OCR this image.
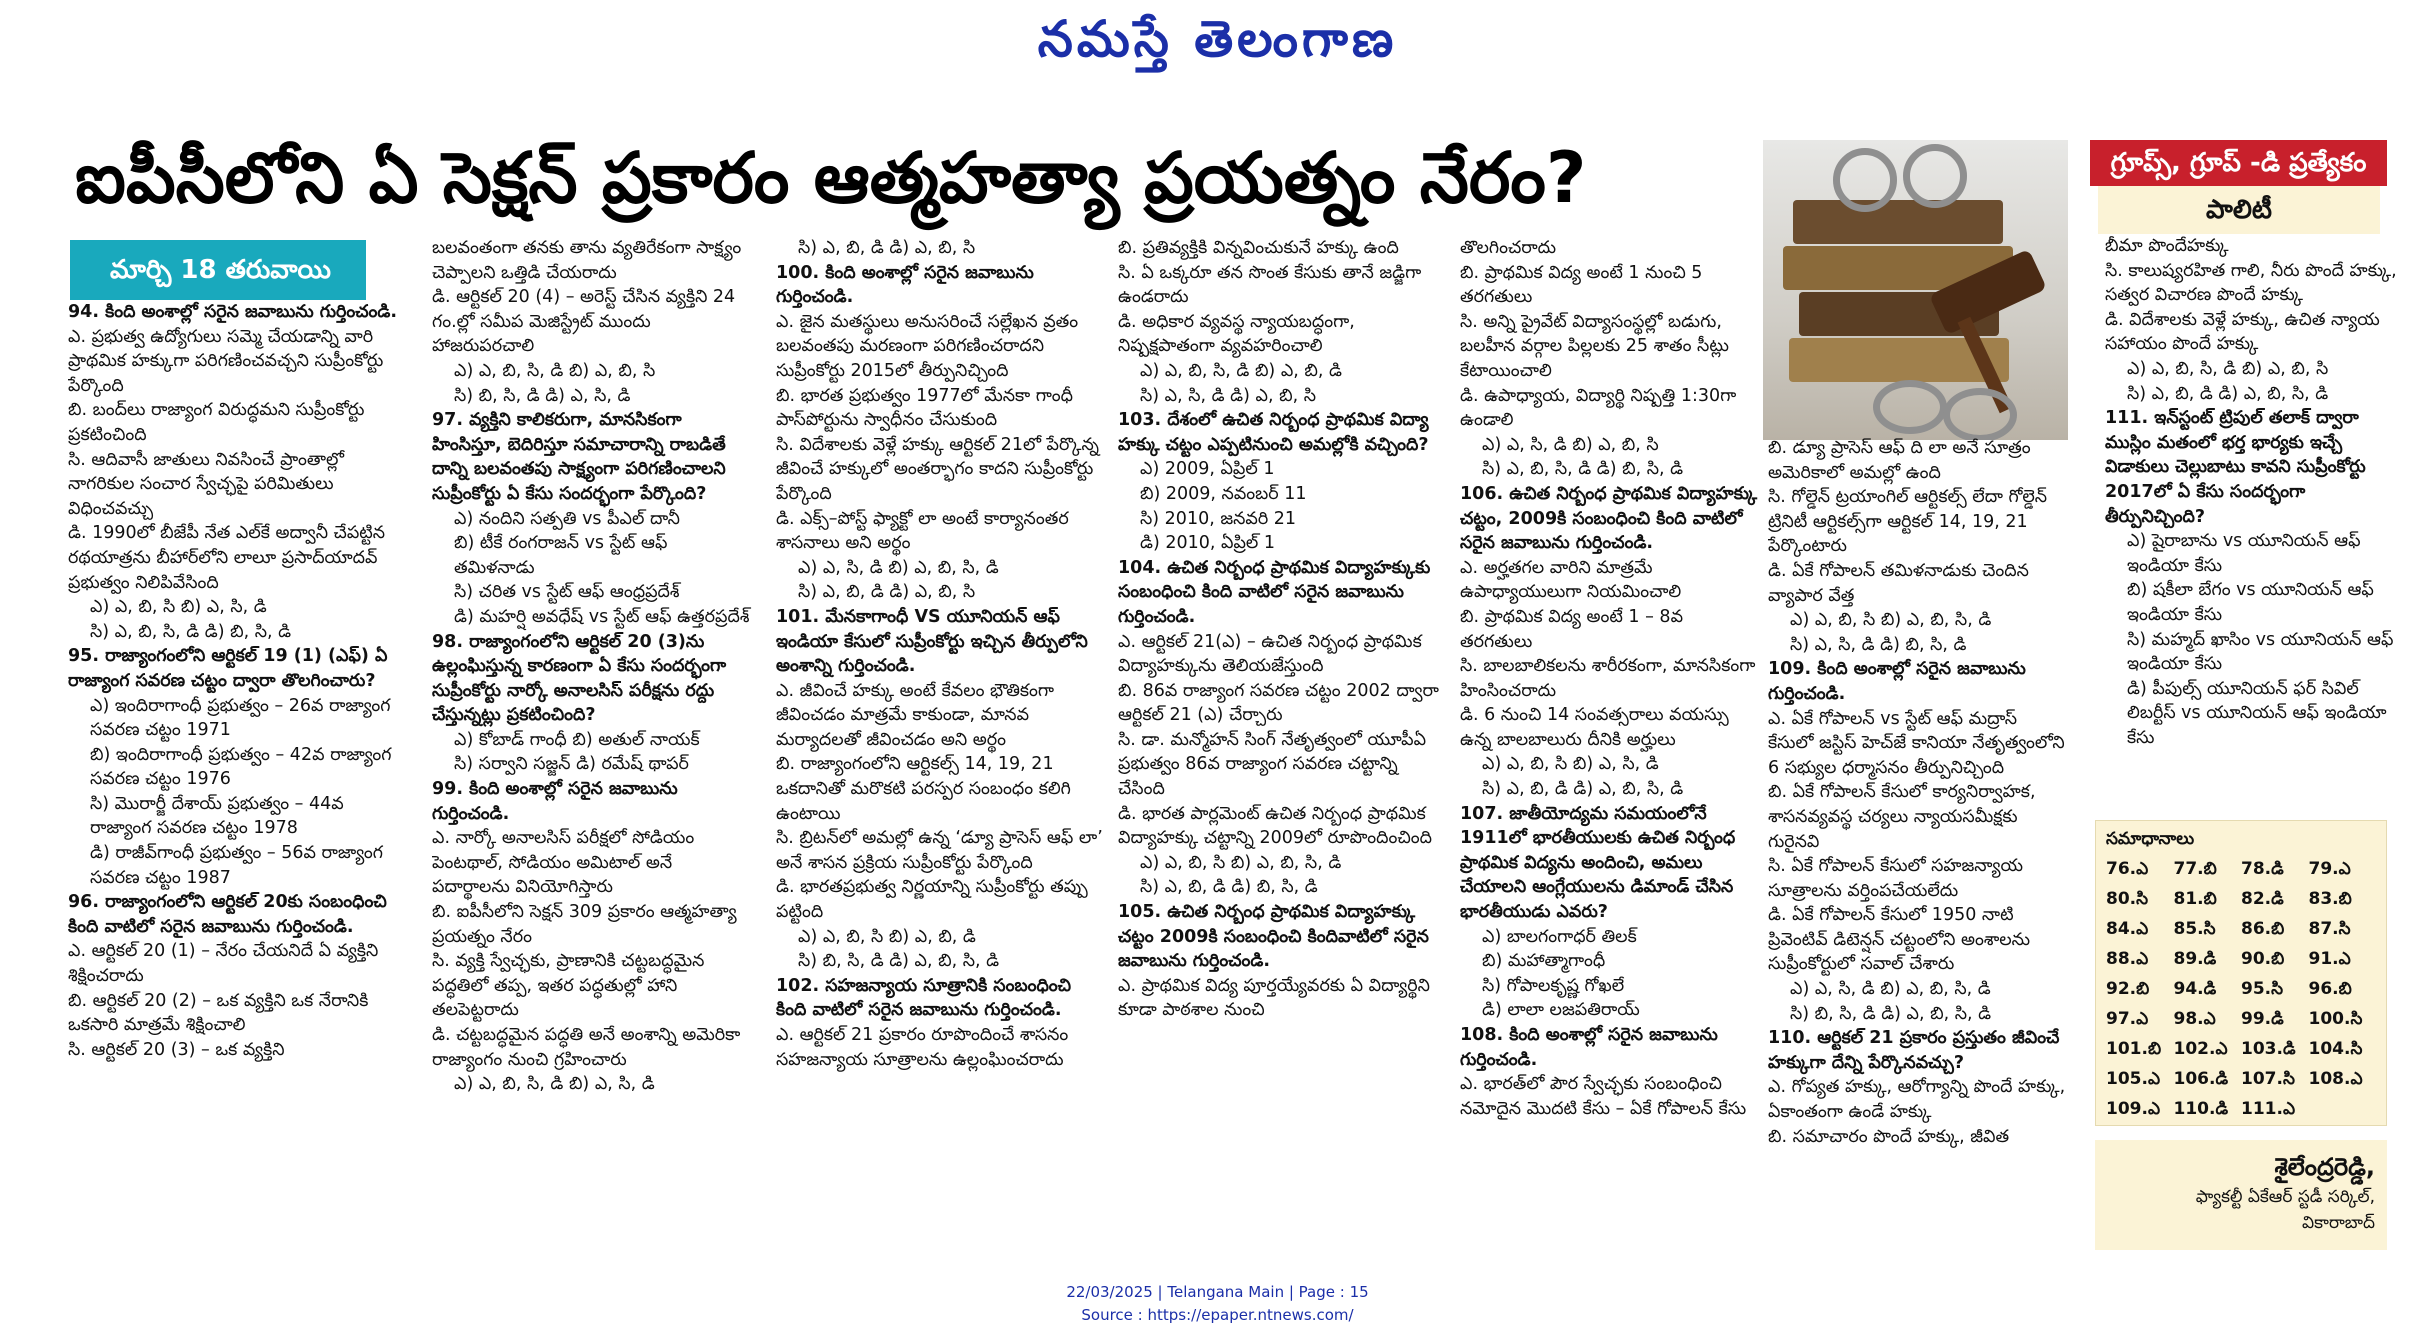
నమస్తే తెలంగాణ
ఐపీసీలోని ఏ సెక్షన్ ప్రకారం ఆత్మహత్యా ప్రయత్నం నేరం?
మార్చి 18 తరువాయి

94. కింది అంశాల్లో సరైన జవాబును గుర్తించండి.

ఎ. ప్రభుత్వ ఉద్యోగులు సమ్మె చేయడాన్ని వారి ప్రాథమిక హక్కుగా పరిగణించవచ్చని సుప్రీంకోర్టు పేర్కొంది

బి. బంద్‌లు రాజ్యాంగ విరుద్ధమని సుప్రీంకోర్టు ప్రకటించింది

సి. ఆదివాసీ జాతులు నివసించే ప్రాంతాల్లో నాగరికుల సంచార స్వేచ్ఛపై పరిమితులు విధించవచ్చు

డి. 1990లో బీజేపీ నేత ఎల్‌కే అద్వానీ చేపట్టిన రథయాత్రను బీహార్‌లోని లాలూ ప్రసాద్‌యాదవ్ ప్రభుత్వం నిలిపివేసింది

ఎ) ఎ, బి, సి బి) ఎ, సి, డి

సి) ఎ, బి, సి, డి డి) బి, సి, డి

95. రాజ్యాంగంలోని ఆర్టికల్ 19 (1) (ఎఫ్) ఏ రాజ్యాంగ సవరణ చట్టం ద్వారా తొలగించారు?

ఎ) ఇందిరాగాంధీ ప్రభుత్వం – 26వ రాజ్యాంగ సవరణ చట్టం 1971

బి) ఇందిరాగాంధీ ప్రభుత్వం – 42వ రాజ్యాంగ సవరణ చట్టం 1976

సి) మొరార్జీ దేశాయ్ ప్రభుత్వం – 44వ రాజ్యాంగ సవరణ చట్టం 1978

డి) రాజీవ్‌గాంధీ ప్రభుత్వం – 56వ రాజ్యాంగ సవరణ చట్టం 1987

96. రాజ్యాంగంలోని ఆర్టికల్ 20కు సంబంధించి కింది వాటిలో సరైన జవాబును గుర్తించండి.

ఎ. ఆర్టికల్ 20 (1) – నేరం చేయనిదే ఏ వ్యక్తిని శిక్షించరాదు

బి. ఆర్టికల్ 20 (2) – ఒక వ్యక్తిని ఒక నేరానికి ఒకసారి మాత్రమే శిక్షించాలి

సి. ఆర్టికల్ 20 (3) – ఒక వ్యక్తిని

బలవంతంగా తనకు తాను వ్యతిరేకంగా సాక్ష్యం చెప్పాలని ఒత్తిడి చేయరాదు

డి. ఆర్టికల్ 20 (4) – అరెస్ట్ చేసిన వ్యక్తిని 24 గం.ల్లో సమీప మెజిస్ట్రేట్ ముందు హాజరుపరచాలి

ఎ) ఎ, బి, సి, డి బి) ఎ, బి, సి

సి) బి, సి, డి డి) ఎ, సి, డి

97. వ్యక్తిని కాలికరుగా, మానసికంగా హింసిస్తూ, బెదిరిస్తూ సమాచారాన్ని రాబడితే దాన్ని బలవంతపు సాక్ష్యంగా పరిగణించాలని సుప్రీంకోర్టు ఏ కేసు సందర్భంగా పేర్కొంది?

ఎ) నందిని సత్పతి vs పీఎల్ దానీ

బి) టీకే రంగరాజన్ vs స్టేట్ ఆఫ్ తమిళనాడు

సి) చరిత vs స్టేట్ ఆఫ్ ఆంధ్రప్రదేశ్

డి) మహర్షి అవధేష్ vs స్టేట్ ఆఫ్ ఉత్తరప్రదేశ్

98. రాజ్యాంగంలోని ఆర్టికల్ 20 (3)ను ఉల్లంఘిస్తున్న కారణంగా ఏ కేసు సందర్భంగా సుప్రీంకోర్టు నార్కో అనాలసిస్ పరీక్షను రద్దు చేస్తున్నట్లు ప్రకటించింది?

ఎ) కోబాడ్ గాంధీ బి) అతుల్ నాయక్

సి) సర్వాని సజ్జన్ డి) రమేష్ థాపర్

99. కింది అంశాల్లో సరైన జవాబును గుర్తించండి.

ఎ. నార్కో అనాలసిస్ పరీక్షలో సోడియం పెంటథాల్, సోడియం అమిటాల్ అనే పదార్థాలను వినియోగిస్తారు

బి. ఐపీసీలోని సెక్షన్ 309 ప్రకారం ఆత్మహత్యా ప్రయత్నం నేరం

సి. వ్యక్తి స్వేచ్ఛకు, ప్రాణానికి చట్టబద్ధమైన పద్ధతిలో తప్ప, ఇతర పద్ధతుల్లో హాని తలపెట్టరాదు

డి. చట్టబద్ధమైన పద్ధతి అనే అంశాన్ని అమెరికా రాజ్యాంగం నుంచి గ్రహించారు

ఎ) ఎ, బి, సి, డి బి) ఎ, సి, డి

సి) ఎ, బి, డి డి) ఎ, బి, సి

100. కింది అంశాల్లో సరైన జవాబును గుర్తించండి.

ఎ. జైన మతస్థులు అనుసరించే సల్లేఖన వ్రతం బలవంతపు మరణంగా పరిగణించరాదని సుప్రీంకోర్టు 2015లో తీర్పునిచ్చింది

బి. భారత ప్రభుత్వం 1977లో మేనకా గాంధీ పాస్‌పోర్టును స్వాధీనం చేసుకుంది

సి. విదేశాలకు వెళ్లే హక్కు ఆర్టికల్ 21లో పేర్కొన్న జీవించే హక్కులో అంతర్భాగం కాదని సుప్రీంకోర్టు పేర్కొంది

డి. ఎక్స్–పోస్ట్ ఫ్యాక్టో లా అంటే కార్యానంతర శాసనాలు అని అర్థం

ఎ) ఎ, సి, డి బి) ఎ, బి, సి, డి

సి) ఎ, బి, డి డి) ఎ, బి, సి

101. మేనకాగాంధీ VS యూనియన్ ఆఫ్ ఇండియా కేసులో సుప్రీంకోర్టు ఇచ్చిన తీర్పులోని అంశాన్ని గుర్తించండి.

ఎ. జీవించే హక్కు అంటే కేవలం భౌతికంగా జీవించడం మాత్రమే కాకుండా, మానవ మర్యాదలతో జీవించడం అని అర్థం

బి. రాజ్యాంగంలోని ఆర్టికల్స్ 14, 19, 21 ఒకదానితో మరొకటి పరస్పర సంబంధం కలిగి ఉంటాయి

సి. బ్రిటన్‌లో అమల్లో ఉన్న ‘డ్యూ ప్రాసెస్ ఆఫ్ లా’ అనే శాసన ప్రక్రియ సుప్రీంకోర్టు పేర్కొంది

డి. భారతప్రభుత్వ నిర్ణయాన్ని సుప్రీంకోర్టు తప్పు పట్టింది

ఎ) ఎ, బి, సి బి) ఎ, బి, డి

సి) బి, సి, డి డి) ఎ, బి, సి, డి

102. సహజన్యాయ సూత్రానికి సంబంధించి కింది వాటిలో సరైన జవాబును గుర్తించండి.

ఎ. ఆర్టికల్ 21 ప్రకారం రూపొందించే శాసనం సహజన్యాయ సూత్రాలను ఉల్లంఘించరాదు

బి. ప్రతివ్యక్తికి విన్నవించుకునే హక్కు ఉంది

సి. ఏ ఒక్కరూ తన సొంత కేసుకు తానే జడ్జిగా ఉండరాదు

డి. అధికార వ్యవస్థ న్యాయబద్ధంగా, నిష్పక్షపాతంగా వ్యవహరించాలి

ఎ) ఎ, బి, సి, డి బి) ఎ, బి, డి

సి) ఎ, సి, డి డి) ఎ, బి, సి

103. దేశంలో ఉచిత నిర్బంధ ప్రాథమిక విద్యా హక్కు చట్టం ఎప్పటినుంచి అమల్లోకి వచ్చింది?

ఎ) 2009, ఏప్రిల్ 1

బి) 2009, నవంబర్ 11

సి) 2010, జనవరి 21

డి) 2010, ఏప్రిల్ 1

104. ఉచిత నిర్బంధ ప్రాథమిక విద్యాహక్కుకు సంబంధించి కింది వాటిలో సరైన జవాబును గుర్తించండి.

ఎ. ఆర్టికల్ 21(ఎ) – ఉచిత నిర్బంధ ప్రాథమిక విద్యాహక్కును తెలియజేస్తుంది

బి. 86వ రాజ్యాంగ సవరణ చట్టం 2002 ద్వారా ఆర్టికల్ 21 (ఎ) చేర్చారు

సి. డా. మన్మోహన్ సింగ్ నేతృత్వంలో యూపీఏ ప్రభుత్వం 86వ రాజ్యాంగ సవరణ చట్టాన్ని చేసింది

డి. భారత పార్లమెంట్ ఉచిత నిర్బంధ ప్రాథమిక విద్యాహక్కు చట్టాన్ని 2009లో రూపొందించింది

ఎ) ఎ, బి, సి బి) ఎ, బి, సి, డి

సి) ఎ, బి, డి డి) బి, సి, డి

105. ఉచిత నిర్బంధ ప్రాథమిక విద్యాహక్కు చట్టం 2009కి సంబంధించి కిందివాటిలో సరైన జవాబును గుర్తించండి.

ఎ. ప్రాథమిక విద్య పూర్తయ్యేవరకు ఏ విద్యార్థిని కూడా పాఠశాల నుంచి

తొలగించరాదు

బి. ప్రాథమిక విద్య అంటే 1 నుంచి 5 తరగతులు

సి. అన్ని ప్రైవేట్ విద్యాసంస్థల్లో బడుగు, బలహీన వర్గాల పిల్లలకు 25 శాతం సీట్లు కేటాయించాలి

డి. ఉపాధ్యాయ, విద్యార్థి నిష్పత్తి 1:30గా ఉండాలి

ఎ) ఎ, సి, డి బి) ఎ, బి, సి

సి) ఎ, బి, సి, డి డి) బి, సి, డి

106. ఉచిత నిర్బంధ ప్రాథమిక విద్యాహక్కు చట్టం, 2009కి సంబంధించి కింది వాటిలో సరైన జవాబును గుర్తించండి.

ఎ. అర్హతగల వారిని మాత్రమే ఉపాధ్యాయులుగా నియమించాలి

బి. ప్రాథమిక విద్య అంటే 1 – 8వ తరగతులు

సి. బాలబాలికలను శారీరకంగా, మానసికంగా హింసించరాదు

డి. 6 నుంచి 14 సంవత్సరాలు వయస్సు ఉన్న బాలబాలురు దీనికి అర్హులు

ఎ) ఎ, బి, సి బి) ఎ, సి, డి

సి) ఎ, బి, డి డి) ఎ, బి, సి, డి

107. జాతీయోద్యమ సమయంలోనే 1911లో భారతీయులకు ఉచిత నిర్బంధ ప్రాథమిక విద్యను అందించి, అమలు చేయాలని ఆంగ్లేయులను డిమాండ్ చేసిన భారతీయుడు ఎవరు?

ఎ) బాలగంగాధర్ తిలక్

బి) మహాత్మాగాంధీ

సి) గోపాలకృష్ణ గోఖలే

డి) లాలా లజపతిరాయ్

108. కింది అంశాల్లో సరైన జవాబును గుర్తించండి.

ఎ. భారత్‌లో పౌర స్వేచ్ఛకు సంబంధించి నమోదైన మొదటి కేసు – ఏకే గోపాలన్ కేసు

బి. డ్యూ ప్రాసెస్ ఆఫ్ ది లా అనే సూత్రం అమెరికాలో అమల్లో ఉంది

సి. గోల్డెన్ ట్రయాంగిల్ ఆర్టికల్స్ లేదా గోల్డెన్ ట్రినిటీ ఆర్టికల్స్‌గా ఆర్టికల్ 14, 19, 21 పేర్కొంటారు

డి. ఏకే గోపాలన్ తమిళనాడుకు చెందిన వ్యాపార వేత్త

ఎ) ఎ, బి, సి బి) ఎ, బి, సి, డి

సి) ఎ, సి, డి డి) బి, సి, డి

109. కింది అంశాల్లో సరైన జవాబును గుర్తించండి.

ఎ. ఏకే గోపాలన్ vs స్టేట్ ఆఫ్ మద్రాస్ కేసులో జస్టిస్ హెచ్‌జే కానియా నేతృత్వంలోని 6 సభ్యుల ధర్మాసనం తీర్పునిచ్చింది

బి. ఏకే గోపాలన్ కేసులో కార్యనిర్వాహక, శాసనవ్యవస్థ చర్యలు న్యాయసమీక్షకు గురైనవి

సి. ఏకే గోపాలన్ కేసులో సహజన్యాయ సూత్రాలను వర్తింపచేయలేదు

డి. ఏకే గోపాలన్ కేసులో 1950 నాటి ప్రివెంటివ్ డిటెన్షన్ చట్టంలోని అంశాలను సుప్రీంకోర్టులో సవాల్ చేశారు

ఎ) ఎ, సి, డి బి) ఎ, బి, సి, డి

సి) బి, సి, డి డి) ఎ, బి, సి, డి

110. ఆర్టికల్ 21 ప్రకారం ప్రస్తుతం జీవించే హక్కుగా దేన్ని పేర్కొనవచ్చు?

ఎ. గోప్యత హక్కు, ఆరోగ్యాన్ని పొందే హక్కు, ఏకాంతంగా ఉండే హక్కు

బి. సమాచారం పొందే హక్కు, జీవిత

గ్రూప్స్, గ్రూప్ -డి ప్రత్యేకం
పాలిటీ

బీమా పొందేహక్కు

సి. కాలుష్యరహిత గాలి, నీరు పొందే హక్కు, సత్వర విచారణ పొందే హక్కు

డి. విదేశాలకు వెళ్లే హక్కు, ఉచిత న్యాయ సహాయం పొందే హక్కు

ఎ) ఎ, బి, సి, డి బి) ఎ, బి, సి

సి) ఎ, బి, డి డి) ఎ, బి, సి, డి

111. ఇన్‌స్టంట్ ట్రిపుల్ తలాక్ ద్వారా ముస్లిం మతంలో భర్త భార్యకు ఇచ్చే విడాకులు చెల్లుబాటు కావని సుప్రీంకోర్టు 2017లో ఏ కేసు సందర్భంగా తీర్పునిచ్చింది?

ఎ) షైరాబాను vs యూనియన్ ఆఫ్ ఇండియా కేసు

బి) షకీలా బేగం vs యూనియన్ ఆఫ్ ఇండియా కేసు

సి) మహ్మద్ ఖాసిం vs యూనియన్ ఆఫ్ ఇండియా కేసు

డి) పీపుల్స్ యూనియన్ ఫర్ సివిల్ లిబర్టీస్ vs యూనియన్ ఆఫ్ ఇండియా కేసు

సమాధానాలు
76.ఎ	77.బి	78.డి	79.ఎ
80.సి	81.బి	82.డి	83.బి
84.ఎ	85.సి	86.బి	87.సి
88.ఎ	89.డి	90.బి	91.ఎ
92.బి	94.డి	95.సి	96.బి
97.ఎ	98.ఎ	99.డి	100.సి
101.బి 102.ఎ 103.డి 104.సి
105.ఎ 106.డి 107.సి 108.ఎ
109.ఎ 110.డి 111.ఎ
శైలేంద్రరెడ్డి,
ఫ్యాకల్టీ ఏకేఆర్ స్టడీ సర్కిల్,
వికారాబాద్
22/03/2025 | Telangana Main | Page : 15
Source : https://epaper.ntnews.com/
